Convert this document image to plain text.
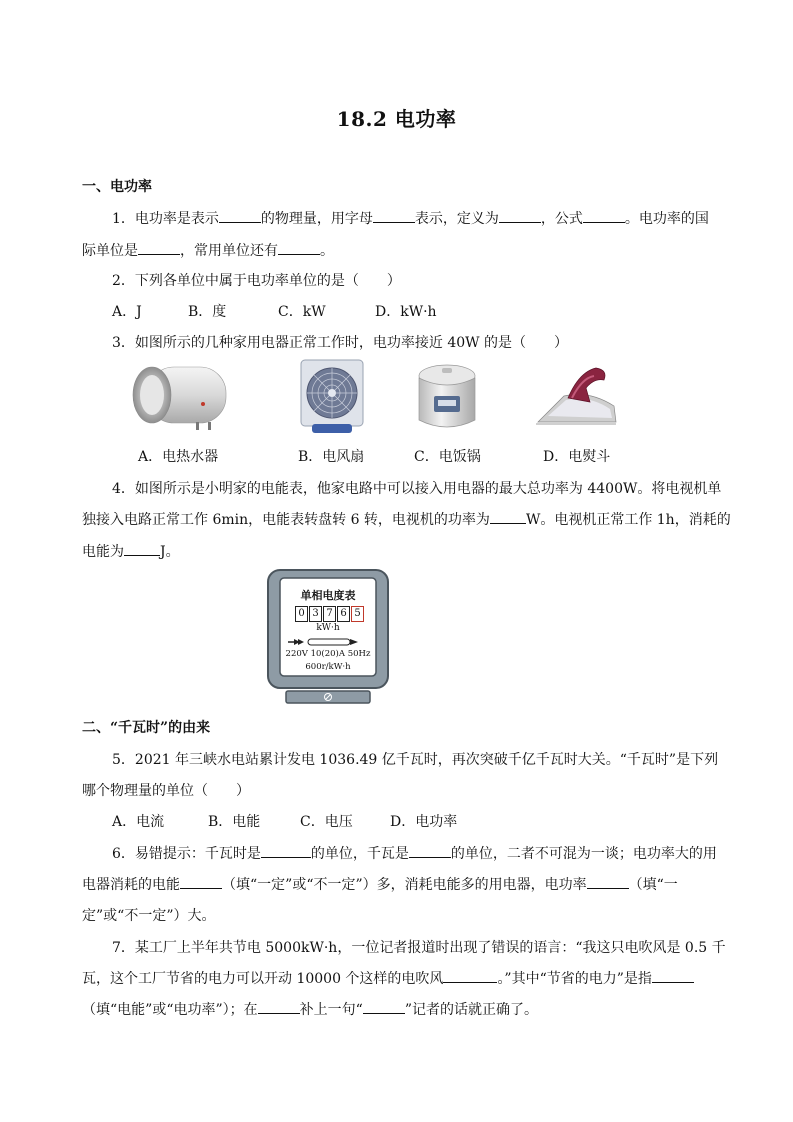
18.2 电功率
一、电功率
1．电功率是表示	的物理量，用字母	表示，定义为	，公式	。电功率的国
际单位是	，常用单位还有	。
2．下列各单位中属于电功率单位的是（　　）
A．J	B．度	C．kW	D．kW·h
3．如图所示的几种家用电器正常工作时，电功率接近 40W 的是（　　）
A．电热水器	B．电风扇	C．电饭锅	D．电熨斗
4．如图所示是小明家的电能表，他家电路中可以接入用电器的最大总功率为 4400W。将电视机单
独接入电路正常工作 6min，电能表转盘转 6 转，电视机的功率为	W。电视机正常工作 1h，消耗的
电能为	J。
单相电度表
0 3 7 6 5
kW·h
220V 10(20)A 50Hz
600r/kW·h
二、“千瓦时”的由来
5．2021 年三峡水电站累计发电 1036.49 亿千瓦时，再次突破千亿千瓦时大关。“千瓦时”是下列
哪个物理量的单位（　　）
A．电流	B．电能	C．电压	D．电功率
6．易错提示：千瓦时是	的单位，千瓦是	的单位，二者不可混为一谈；电功率大的用
电器消耗的电能	（填“一定”或“不一定”）多，消耗电能多的用电器，电功率	（填“一
定”或“不一定”）大。
7．某工厂上半年共节电 5000kW·h，一位记者报道时出现了错误的语言：“我这只电吹风是 0.5 千
瓦，这个工厂节省的电力可以开动 10000 个这样的电吹风	。”其中“节省的电力”是指
（填“电能”或“电功率”）；在	补上一句“	”记者的话就正确了。
